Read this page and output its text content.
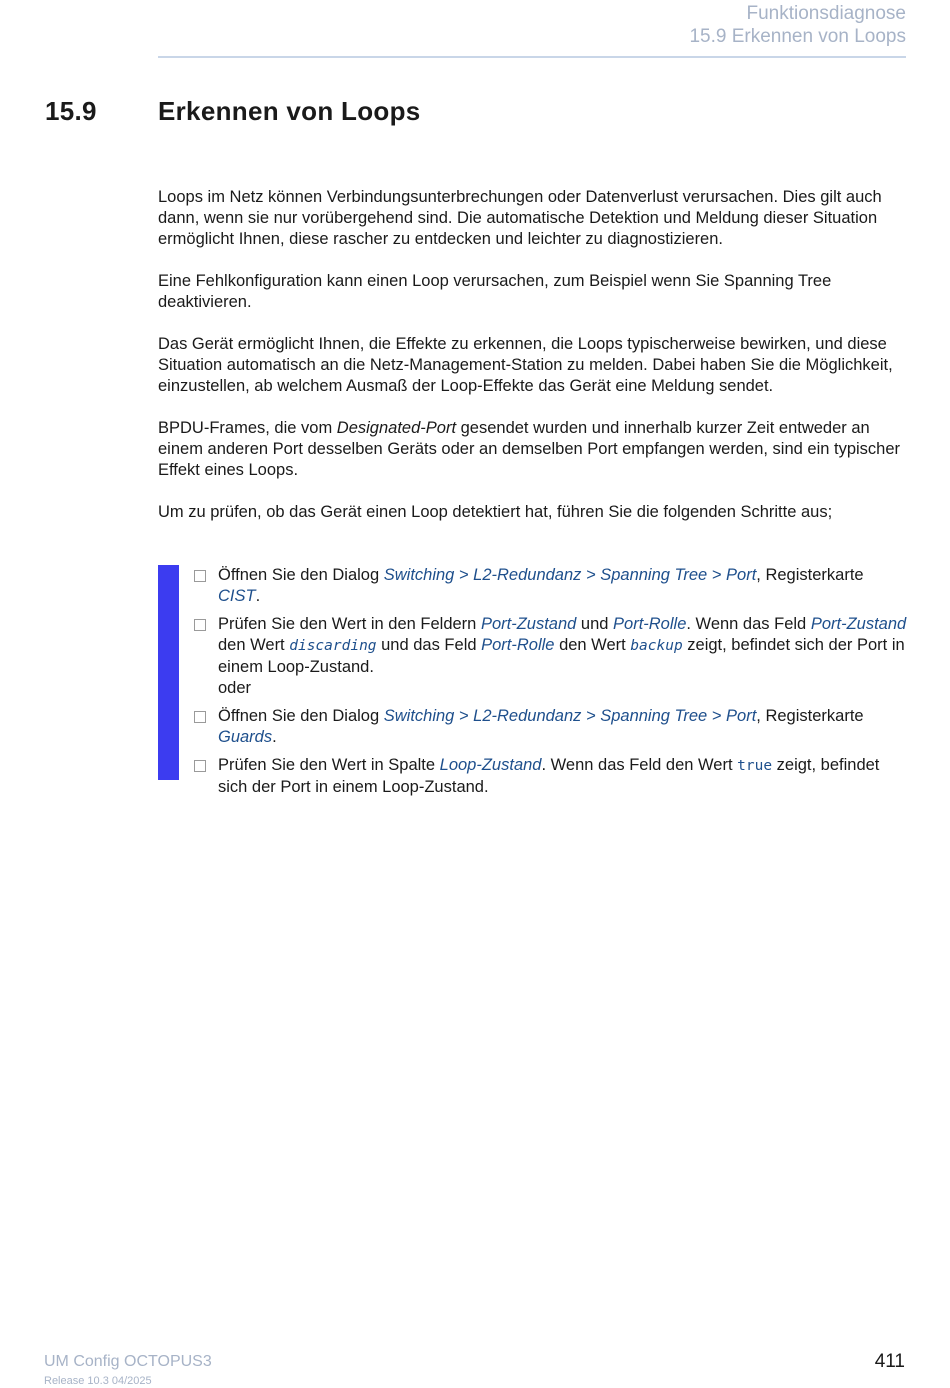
Funktionsdiagnose
15.9 Erkennen von Loops
15.9 Erkennen von Loops

Loops im Netz können Verbindungsunterbrechungen oder Datenverlust verursachen. Dies gilt auch dann, wenn sie nur vorübergehend sind. Die automatische Detektion und Meldung dieser Situation ermöglicht Ihnen, diese rascher zu entdecken und leichter zu diagnostizieren.

Eine Fehlkonfiguration kann einen Loop verursachen, zum Beispiel wenn Sie Spanning Tree deaktivieren.

Das Gerät ermöglicht Ihnen, die Effekte zu erkennen, die Loops typischerweise bewirken, und diese Situation automatisch an die Netz-Management-Station zu melden. Dabei haben Sie die Möglichkeit, einzustellen, ab welchem Ausmaß der Loop-Effekte das Gerät eine Meldung sendet.

BPDU-Frames, die vom Designated-Port gesendet wurden und innerhalb kurzer Zeit entweder an einem anderen Port desselben Geräts oder an demselben Port empfangen werden, sind ein typischer Effekt eines Loops.

Um zu prüfen, ob das Gerät einen Loop detektiert hat, führen Sie die folgenden Schritte aus;

Öffnen Sie den Dialog Switching > L2-Redundanz > Spanning Tree > Port, Registerkarte CIST.
Prüfen Sie den Wert in den Feldern Port-Zustand und Port-Rolle. Wenn das Feld Port-Zustand den Wert discarding und das Feld Port-Rolle den Wert backup zeigt, befindet sich der Port in einem Loop-Zustand.
oder
Öffnen Sie den Dialog Switching > L2-Redundanz > Spanning Tree > Port, Registerkarte Guards.
Prüfen Sie den Wert in Spalte Loop-Zustand. Wenn das Feld den Wert true zeigt, befindet sich der Port in einem Loop-Zustand.
UM Config OCTOPUS3
Release 10.3 04/2025
411
